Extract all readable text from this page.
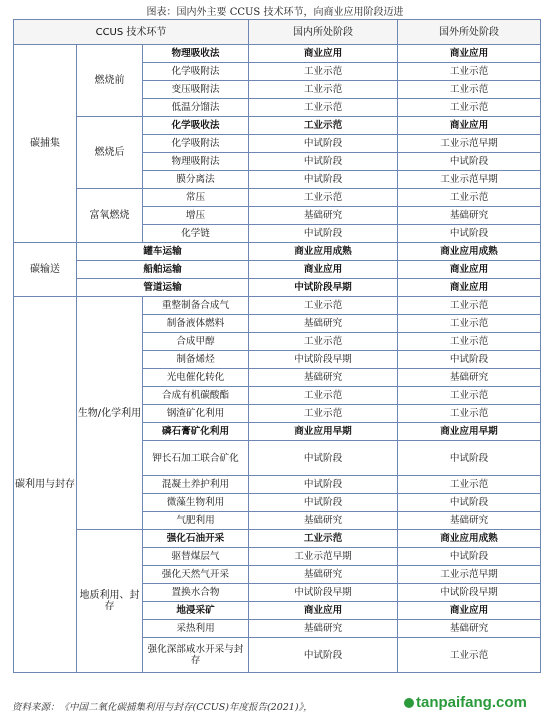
图表：国内外主要 CCUS 技术环节，向商业应用阶段迈进
CCUS 技术环节			国内所处阶段	国外所处阶段
碳捕集	燃烧前	物理吸收法	商业应用	商业应用
		化学吸附法	工业示范	工业示范
		变压吸附法	工业示范	工业示范
		低温分馏法	工业示范	工业示范
	燃烧后	化学吸收法	工业示范	商业应用
		化学吸附法	中试阶段	工业示范早期
		物理吸附法	中试阶段	中试阶段
		膜分离法	中试阶段	工业示范早期
	富氧燃烧	常压	工业示范	工业示范
		增压	基础研究	基础研究
		化学链	中试阶段	中试阶段
碳输送	罐车运输		商业应用成熟	商业应用成熟
	船舶运输		商业应用	商业应用
	管道运输		中试阶段早期	商业应用
碳利用与封存	生物/化学利用	重整制备合成气	工业示范	工业示范
		制备液体燃料	基础研究	工业示范
		合成甲醇	工业示范	工业示范
		制备烯烃	中试阶段早期	中试阶段
		光电催化转化	基础研究	基础研究
		合成有机碳酸酯	工业示范	工业示范
		钢渣矿化利用	工业示范	工业示范
		磷石膏矿化利用	商业应用早期	商业应用早期
		钾长石加工联合矿化	中试阶段	中试阶段
		混凝土养护利用	中试阶段	工业示范
		微藻生物利用	中试阶段	中试阶段
		气肥利用	基础研究	基础研究
	地质利用、封存	强化石油开采	工业示范	商业应用成熟
		驱替煤层气	工业示范早期	中试阶段
		强化天然气开采	基础研究	工业示范早期
		置换水合物	中试阶段早期	中试阶段早期
		地浸采矿	商业应用	商业应用
		采热利用	基础研究	基础研究
		强化深部咸水开采与封存	中试阶段	工业示范
资料来源：《中国二氧化碳捕集利用与封存(CCUS)年度报告(2021)》，	tanpaifang.com
